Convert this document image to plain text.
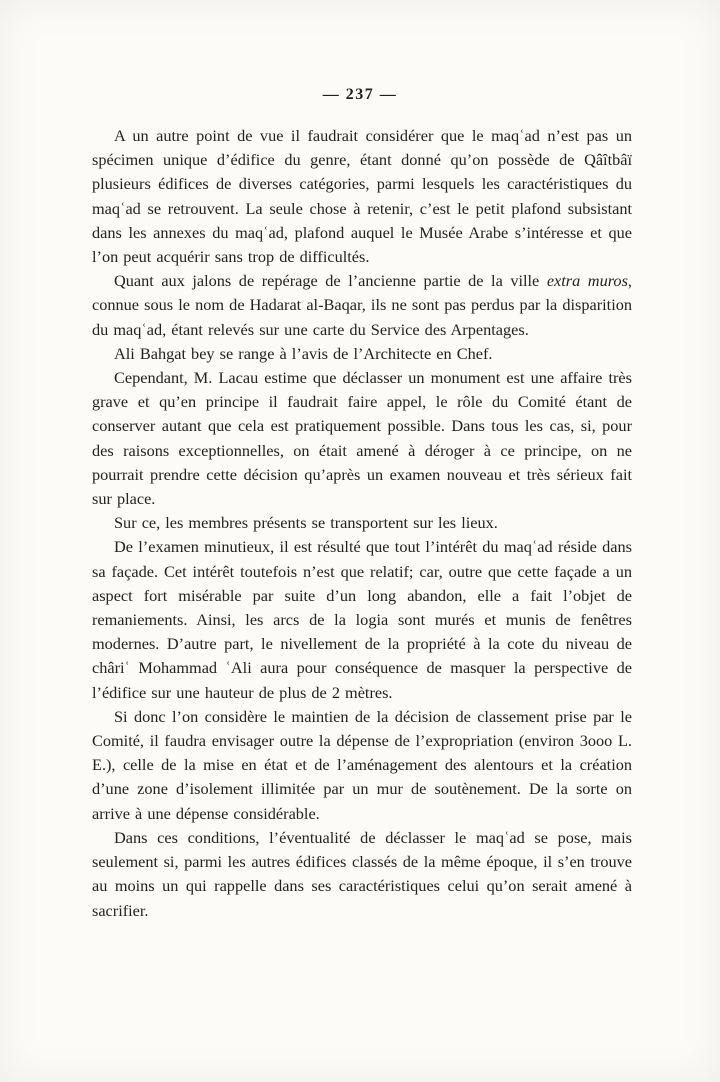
— 237 —

A un autre point de vue il faudrait considérer que le maqʿad n’est pas un spécimen unique d’édifice du genre, étant donné qu’on possède de Qâîtbâï plusieurs édifices de diverses catégories, parmi lesquels les caractéristiques du maqʿad se retrouvent. La seule chose à retenir, c’est le petit plafond subsistant dans les annexes du maqʿad, plafond auquel le Musée Arabe s’intéresse et que l’on peut acquérir sans trop de difficultés.

Quant aux jalons de repérage de l’ancienne partie de la ville extra muros, connue sous le nom de Hadarat al-Baqar, ils ne sont pas perdus par la disparition du maqʿad, étant relevés sur une carte du Service des Arpentages.

Ali Bahgat bey se range à l’avis de l’Architecte en Chef.

Cependant, M. Lacau estime que déclasser un monument est une affaire très grave et qu’en principe il faudrait faire appel, le rôle du Comité étant de conserver autant que cela est pratiquement possible. Dans tous les cas, si, pour des raisons exceptionnelles, on était amené à déroger à ce principe, on ne pourrait prendre cette décision qu’après un examen nouveau et très sérieux fait sur place.

Sur ce, les membres présents se transportent sur les lieux.

De l’examen minutieux, il est résulté que tout l’intérêt du maqʿad réside dans sa façade. Cet intérêt toutefois n’est que relatif; car, outre que cette façade a un aspect fort misérable par suite d’un long abandon, elle a fait l’objet de remaniements. Ainsi, les arcs de la logia sont murés et munis de fenêtres modernes. D’autre part, le nivellement de la propriété à la cote du niveau de châriʿ Mohammad ʿAli aura pour conséquence de masquer la perspective de l’édifice sur une hauteur de plus de 2 mètres.

Si donc l’on considère le maintien de la décision de classement prise par le Comité, il faudra envisager outre la dépense de l’expropriation (environ 3ooo L. E.), celle de la mise en état et de l’aménagement des alentours et la création d’une zone d’isolement illimitée par un mur de soutènement. De la sorte on arrive à une dépense considérable.

Dans ces conditions, l’éventualité de déclasser le maqʿad se pose, mais seulement si, parmi les autres édifices classés de la même époque, il s’en trouve au moins un qui rappelle dans ses caractéristiques celui qu’on serait amené à sacrifier.
